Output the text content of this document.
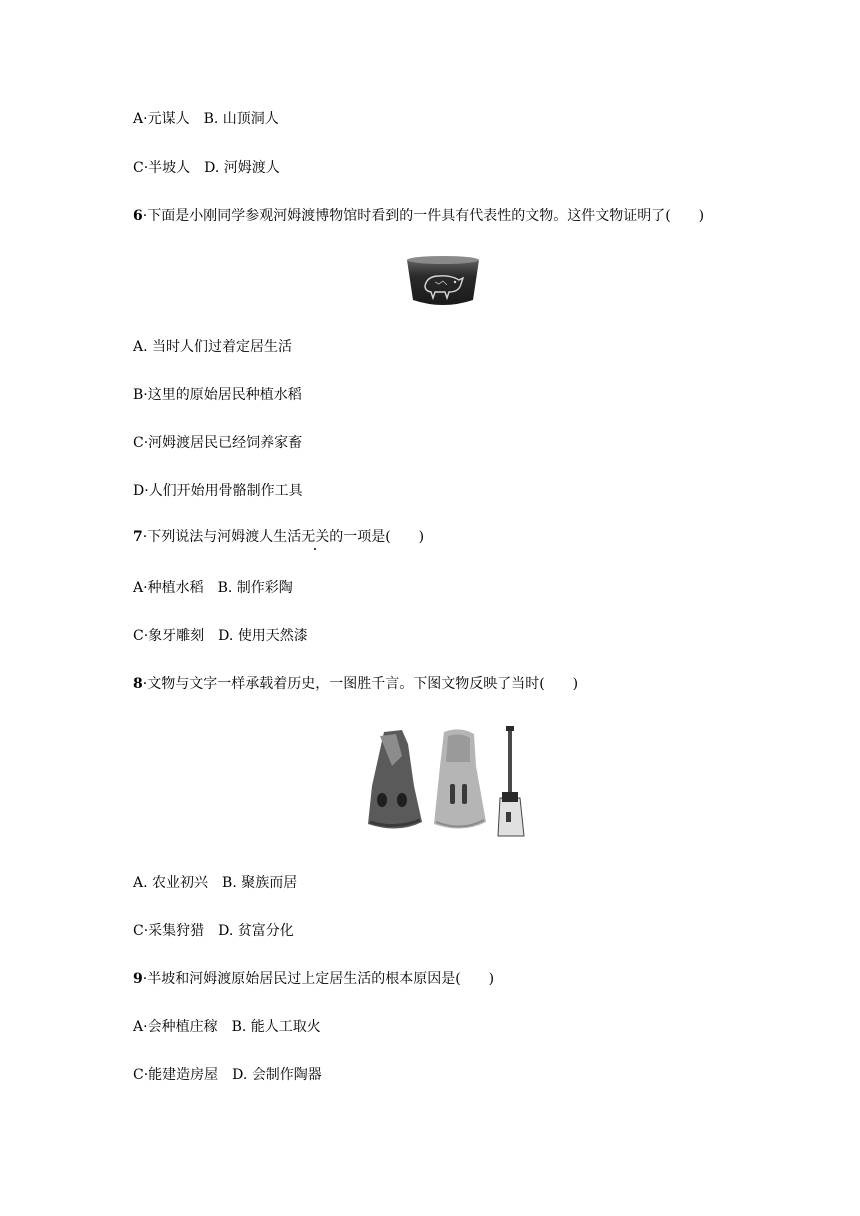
A·元谋人 B. 山顶洞人
C·半坡人 D. 河姆渡人
6·下面是小刚同学参观河姆渡博物馆时看到的一件具有代表性的文物。这件文物证明了(　　)
A. 当时人们过着定居生活
B·这里的原始居民种植水稻
C·河姆渡居民已经饲养家畜
D·人们开始用骨骼制作工具
7·下列说法与河姆渡人生活无关的一项是(　　)
A·种植水稻 B. 制作彩陶
C·象牙雕刻 D. 使用天然漆
8·文物与文字一样承载着历史，一图胜千言。下图文物反映了当时(　　)
A. 农业初兴 B. 聚族而居
C·采集狩猎 D. 贫富分化
9·半坡和河姆渡原始居民过上定居生活的根本原因是(　　)
A·会种植庄稼 B. 能人工取火
C·能建造房屋 D. 会制作陶器
